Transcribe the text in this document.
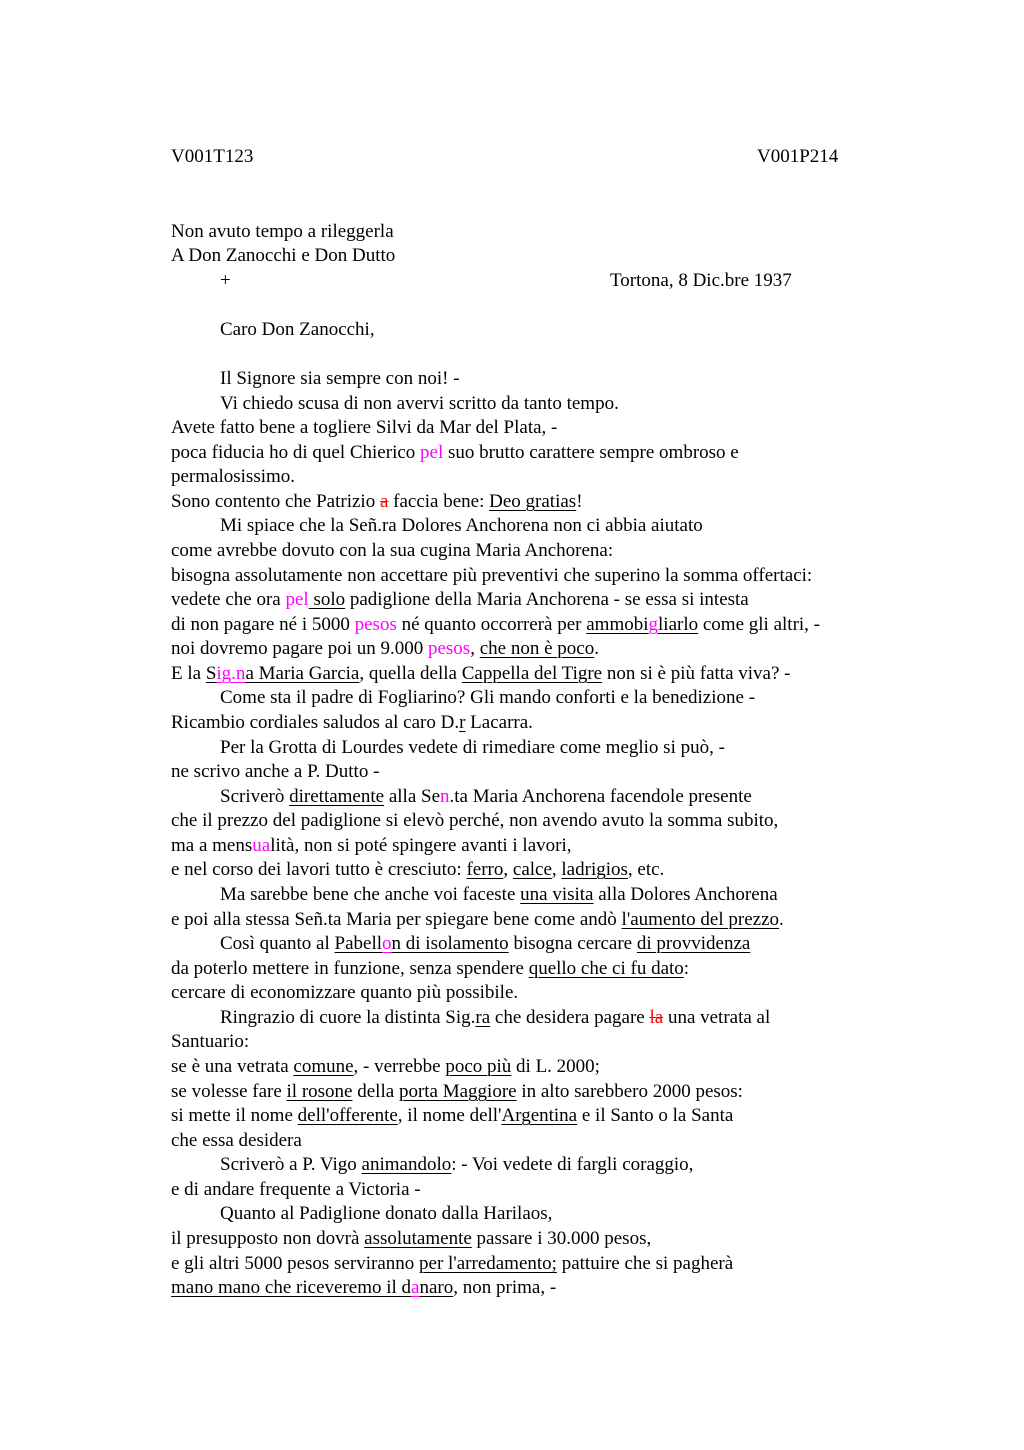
V001T123	V001P214
Non avuto tempo a rileggerla
A Don Zanocchi e Don Dutto
+	Tortona, 8 Dic.bre 1937
Caro Don Zanocchi,
Il Signore sia sempre con noi! -
Vi chiedo scusa di non avervi scritto da tanto tempo.
Avete fatto bene a togliere Silvi da Mar del Plata, -
poca fiducia ho di quel Chierico pel suo brutto carattere sempre ombroso e
permalosissimo.
Sono contento che Patrizio a faccia bene: Deo gratias!
Mi spiace che la Señ.ra Dolores Anchorena non ci abbia aiutato
come avrebbe dovuto con la sua cugina Maria Anchorena:
bisogna assolutamente non accettare più preventivi che superino la somma offertaci:
vedete che ora pel solo padiglione della Maria Anchorena - se essa si intesta
di non pagare né i 5000 pesos né quanto occorrerà per ammobigliarlo come gli altri, -
noi dovremo pagare poi un 9.000 pesos, che non è poco.
E la Sig.na Maria Garcia, quella della Cappella del Tigre non si è più fatta viva? -
Come sta il padre di Fogliarino? Gli mando conforti e la benedizione -
Ricambio cordiales saludos al caro D.r Lacarra.
Per la Grotta di Lourdes vedete di rimediare come meglio si può, -
ne scrivo anche a P. Dutto -
Scriverò direttamente alla Sen.ta Maria Anchorena facendole presente
che il prezzo del padiglione si elevò perché, non avendo avuto la somma subito,
ma a mensualità, non si poté spingere avanti i lavori,
e nel corso dei lavori tutto è cresciuto: ferro, calce, ladrigios, etc.
Ma sarebbe bene che anche voi faceste una visita alla Dolores Anchorena
e poi alla stessa Señ.ta Maria per spiegare bene come andò l'aumento del prezzo.
Così quanto al Pabellon di isolamento bisogna cercare di provvidenza
da poterlo mettere in funzione, senza spendere quello che ci fu dato:
cercare di economizzare quanto più possibile.
Ringrazio di cuore la distinta Sig.ra che desidera pagare la una vetrata al
Santuario:
se è una vetrata comune, - verrebbe poco più di L. 2000;
se volesse fare il rosone della porta Maggiore in alto sarebbero 2000 pesos:
si mette il nome dell'offerente, il nome dell'Argentina e il Santo o la Santa
che essa desidera
Scriverò a P. Vigo animandolo: - Voi vedete di fargli coraggio,
e di andare frequente a Victoria -
Quanto al Padiglione donato dalla Harilaos,
il presupposto non dovrà assolutamente passare i 30.000 pesos,
e gli altri 5000 pesos serviranno per l'arredamento; pattuire che si pagherà
mano mano che riceveremo il danaro, non prima, -
